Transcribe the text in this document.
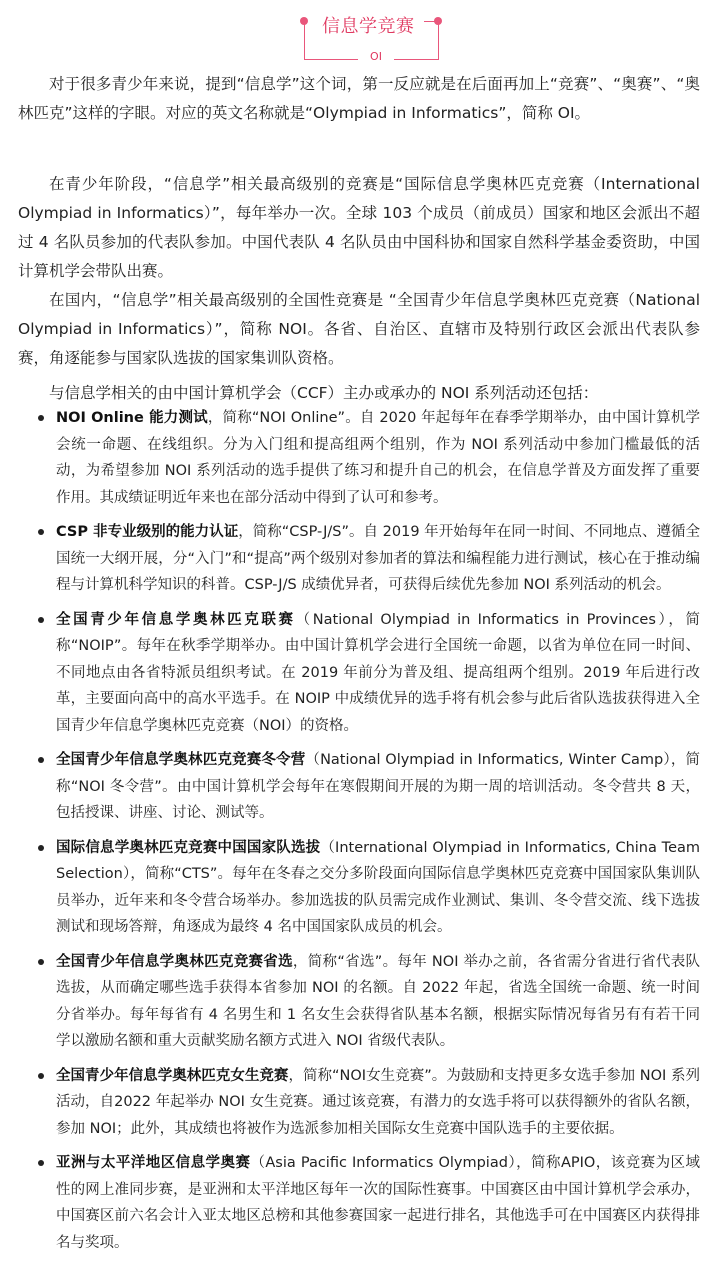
信息学竞赛
OI

对于很多青少年来说，提到“信息学”这个词，第一反应就是在后面再加上“竞赛”、“奥赛”、“奥林匹克”这样的字眼。对应的英文名称就是“Olympiad in Informatics”，简称 OI。

在青少年阶段，“信息学”相关最高级别的竞赛是“国际信息学奥林匹克竞赛（International Olympiad in Informatics）”，每年举办一次。全球 103 个成员（前成员）国家和地区会派出不超过 4 名队员参加的代表队参加。中国代表队 4 名队员由中国科协和国家自然科学基金委资助，中国计算机学会带队出赛。

在国内，“信息学”相关最高级别的全国性竞赛是 “全国青少年信息学奥林匹克竞赛（National Olympiad in Informatics）”，简称 NOI。各省、自治区、直辖市及特别行政区会派出代表队参赛，角逐能参与国家队选拔的国家集训队资格。

与信息学相关的由中国计算机学会（CCF）主办或承办的 NOI 系列活动还包括：

NOI Online 能力测试，简称“NOI Online”。自 2020 年起每年在春季学期举办，由中国计算机学会统一命题、在线组织。分为入门组和提高组两个组别，作为 NOI 系列活动中参加门槛最低的活动，为希望参加 NOI 系列活动的选手提供了练习和提升自己的机会，在信息学普及方面发挥了重要作用。其成绩证明近年来也在部分活动中得到了认可和参考。
CSP 非专业级别的能力认证，简称“CSP-J/S”。自 2019 年开始每年在同一时间、不同地点、遵循全国统一大纲开展，分“入门”和“提高”两个级别对参加者的算法和编程能力进行测试，核心在于推动编程与计算机科学知识的科普。CSP-J/S 成绩优异者，可获得后续优先参加 NOI 系列活动的机会。
全国青少年信息学奥林匹克联赛（National Olympiad in Informatics in Provinces），简称“NOIP”。每年在秋季学期举办。由中国计算机学会进行全国统一命题，以省为单位在同一时间、不同地点由各省特派员组织考试。在 2019 年前分为普及组、提高组两个组别。2019 年后进行改革，主要面向高中的高水平选手。在 NOIP 中成绩优异的选手将有机会参与此后省队选拔获得进入全国青少年信息学奥林匹克竞赛（NOI）的资格。
全国青少年信息学奥林匹克竞赛冬令营（National Olympiad in Informatics, Winter Camp），简称“NOI 冬令营”。由中国计算机学会每年在寒假期间开展的为期一周的培训活动。冬令营共 8 天，包括授课、讲座、讨论、测试等。
国际信息学奥林匹克竞赛中国国家队选拔（International Olympiad in Informatics, China Team Selection），简称“CTS”。每年在冬春之交分多阶段面向国际信息学奥林匹克竞赛中国国家队集训队员举办，近年来和冬令营合场举办。参加选拔的队员需完成作业测试、集训、冬令营交流、线下选拔测试和现场答辩，角逐成为最终 4 名中国国家队成员的机会。
全国青少年信息学奥林匹克竞赛省选，简称“省选”。每年 NOI 举办之前，各省需分省进行省代表队选拔，从而确定哪些选手获得本省参加 NOI 的名额。自 2022 年起，省选全国统一命题、统一时间分省举办。每年每省有 4 名男生和 1 名女生会获得省队基本名额，根据实际情况每省另有有若干同学以激励名额和重大贡献奖励名额方式进入 NOI 省级代表队。
全国青少年信息学奥林匹克女生竞赛，简称“NOI女生竞赛”。为鼓励和支持更多女选手参加 NOI 系列活动，自2022 年起举办 NOI 女生竞赛。通过该竞赛，有潜力的女选手将可以获得额外的省队名额，参加 NOI；此外，其成绩也将被作为选派参加相关国际女生竞赛中国队选手的主要依据。
亚洲与太平洋地区信息学奥赛（Asia Pacific Informatics Olympiad），简称APIO，该竞赛为区域性的网上准同步赛，是亚洲和太平洋地区每年一次的国际性赛事。中国赛区由中国计算机学会承办，中国赛区前六名会计入亚太地区总榜和其他参赛国家一起进行排名，其他选手可在中国赛区内获得排名与奖项。
